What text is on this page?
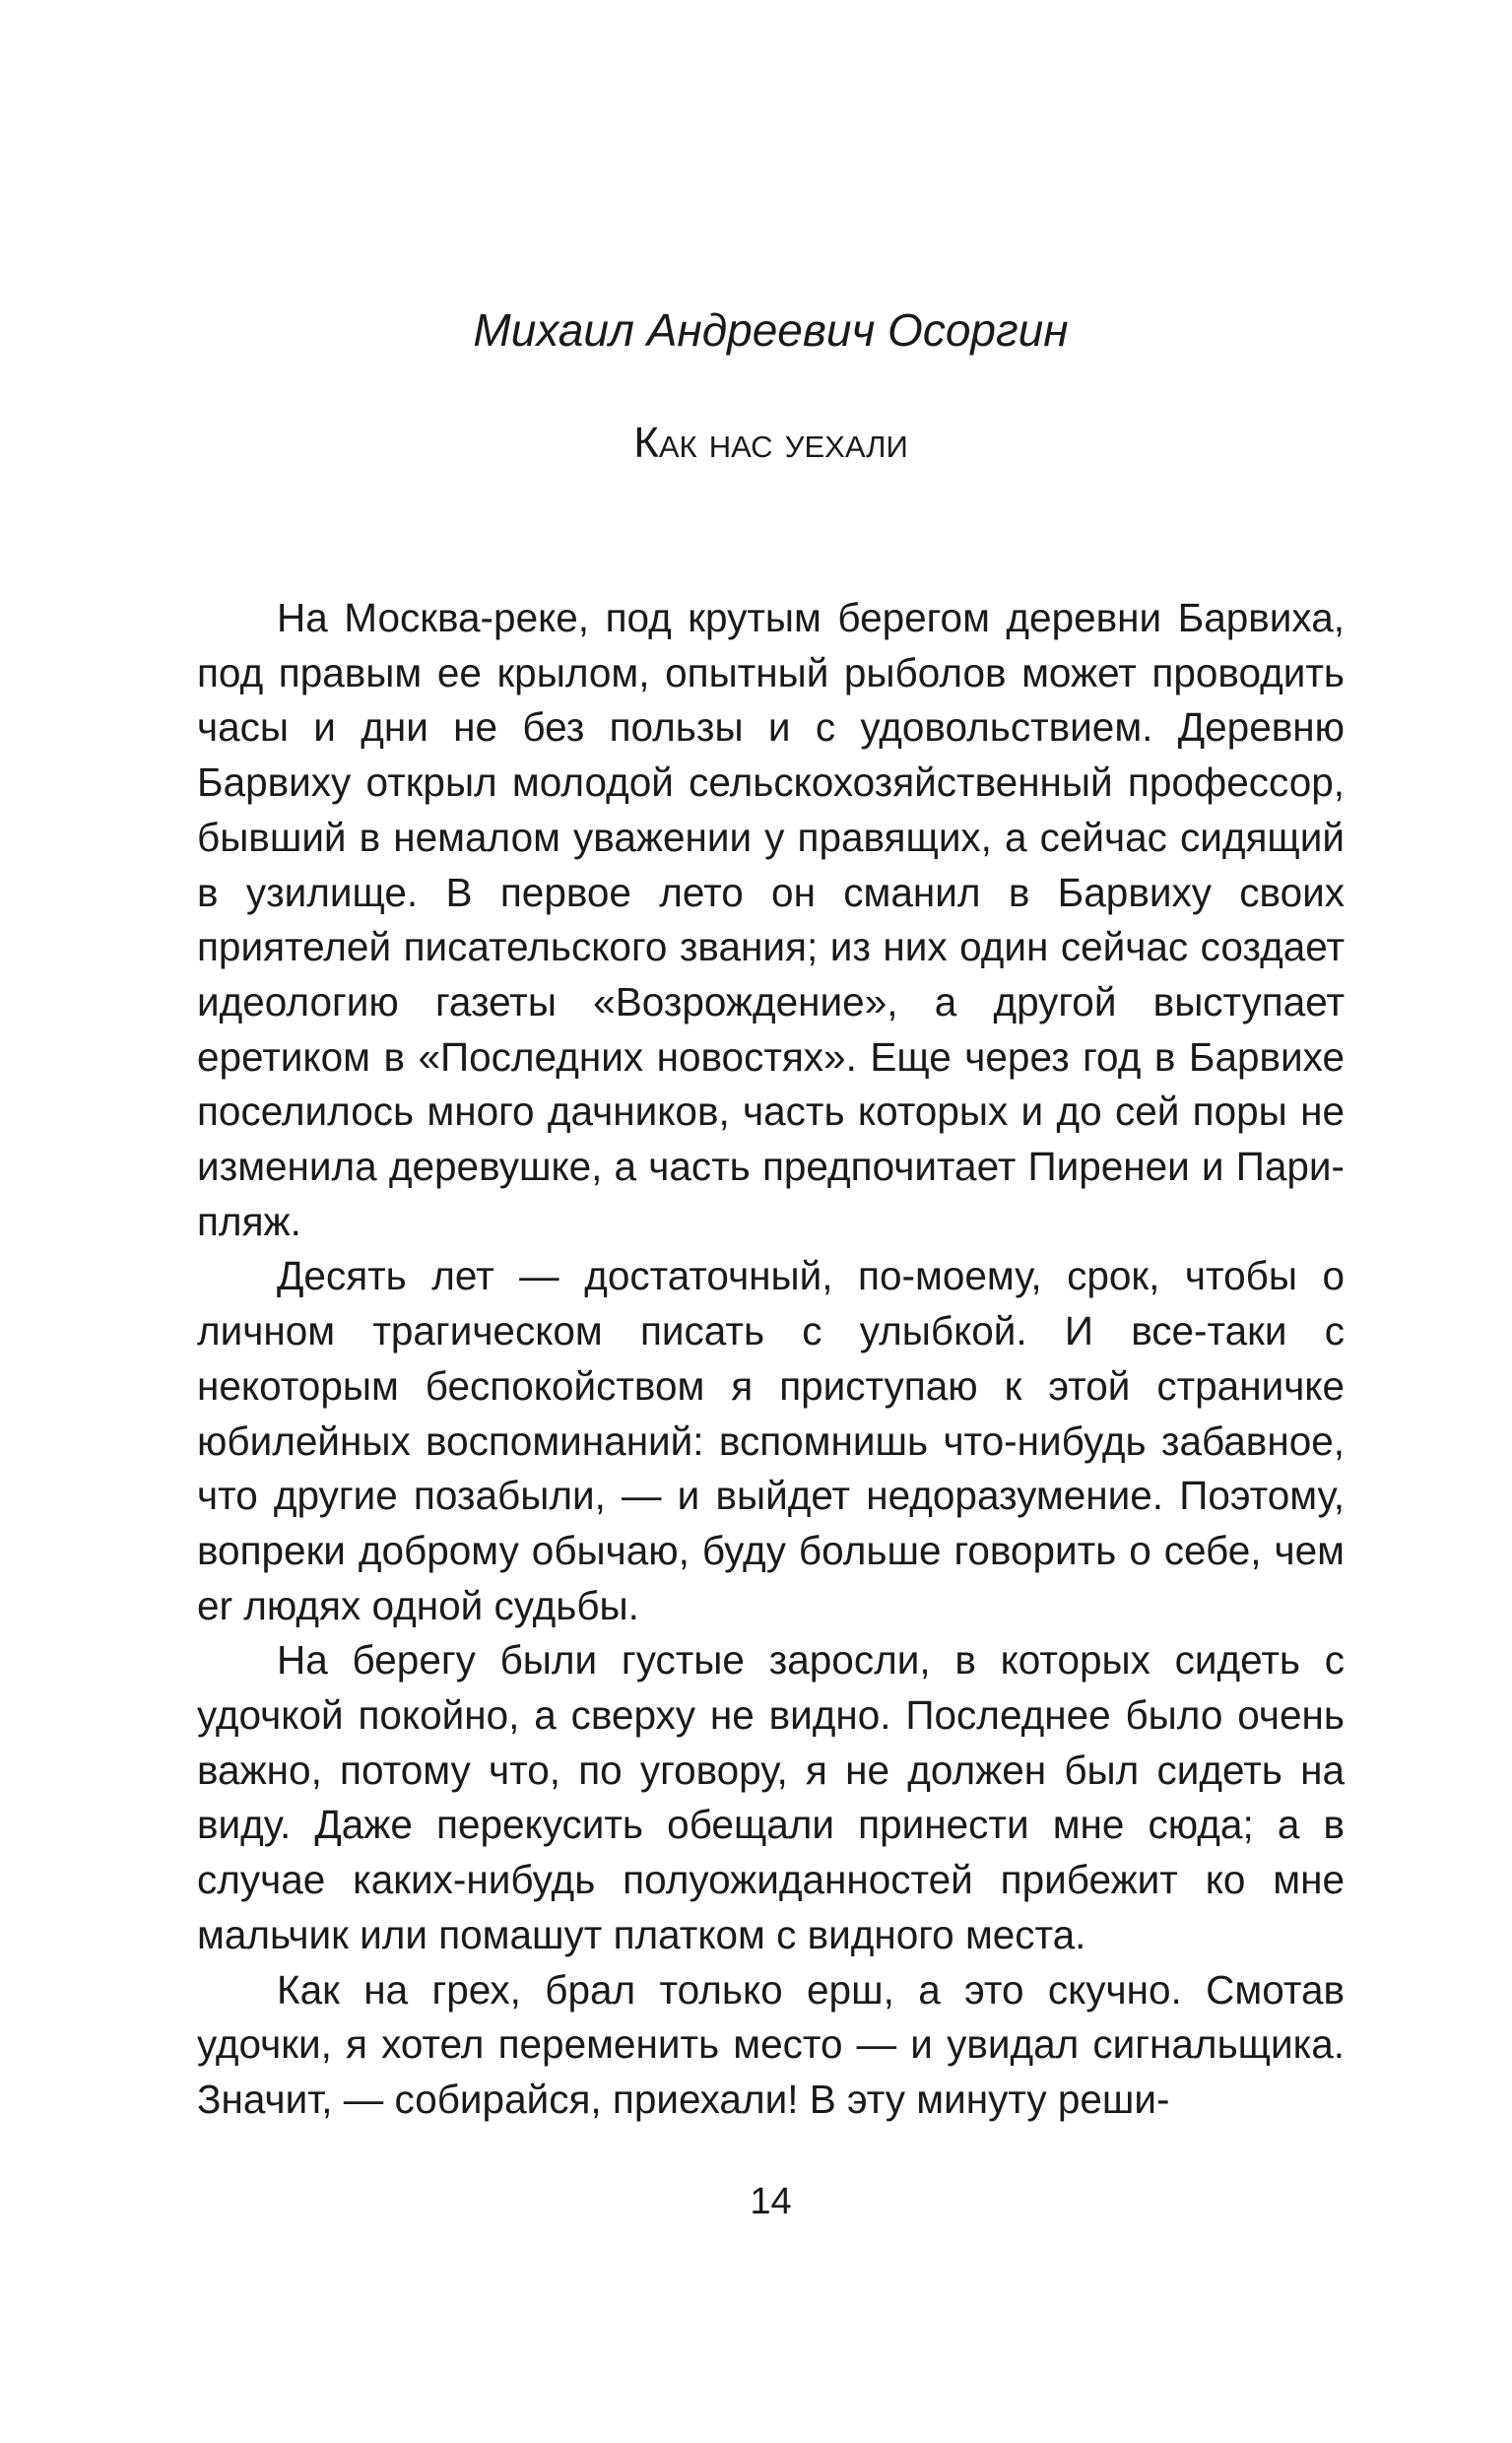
Михаил Андреевич Осоргин
Как нас уехали

На Москва-реке, под крутым берегом деревни Барвиха, под правым ее крылом, опытный рыболов может проводить часы и дни не без пользы и с удовольствием. Деревню Барвиху открыл молодой сельскохозяйственный профессор, бывший в немалом уважении у правящих, а сейчас сидящий в узилище. В первое лето он сманил в Барвиху своих приятелей писательского звания; из них один сейчас создает идеологию газеты «Возрождение», а другой выступает еретиком в «Последних новостях». Еще через год в Барвихе поселилось много дачников, часть которых и до сей поры не изменила деревушке, а часть предпочитает Пиренеи и Пари-пляж.

Десять лет — достаточный, по-моему, срок, чтобы о личном трагическом писать с улыбкой. И все-таки с некоторым беспокойством я приступаю к этой страничке юбилейных воспоминаний: вспомнишь что-нибудь забавное, что другие позабыли, — и выйдет недоразумение. Поэтому, вопреки доброму обычаю, буду больше говорить о себе, чем er людях одной судьбы.

На берегу были густые заросли, в которых сидеть с удочкой покойно, а сверху не видно. Последнее было очень важно, потому что, по уговору, я не должен был сидеть на виду. Даже перекусить обещали принести мне сюда; а в случае каких-нибудь полуожиданностей прибежит ко мне мальчик или помашут платком с видного места.

Как на грех, брал только ерш, а это скучно. Смотав удочки, я хотел переменить место — и увидал сигнальщика. Значит, — собирайся, приехали! В эту минуту реши-

14
